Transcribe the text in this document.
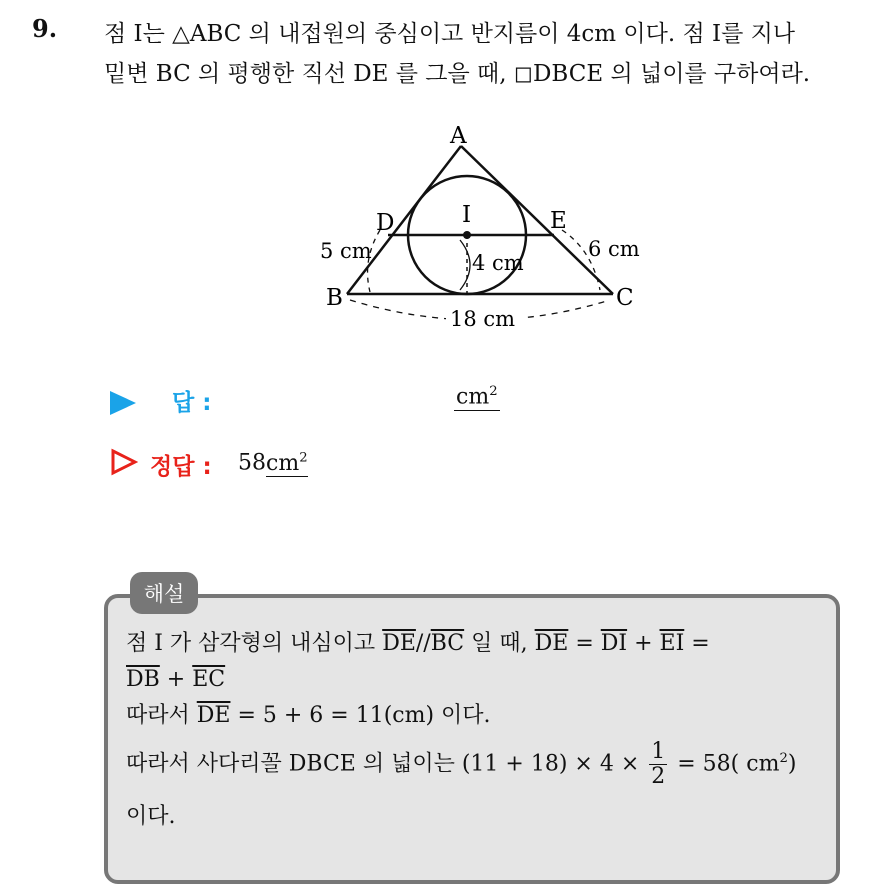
9. 점 I는 △ABC 의 내접원의 중심이고 반지름이 4cm 이다. 점 I를 지나
밑변 BC 의 평행한 직선 DE 를 그을 때, ◻DBCE 의 넓이를 구하여라.
A
D	I	E
B	C
5 cm	6 cm
4 cm
18 cm
답 :	$cm^2$
정답 : $58cm^2$
해설
점 I 가 삼각형의 내심이고 $\overline{DE}//\overline{BC}$ 일 때, $\overline{DE} = \overline{DI} + \overline{EI}$ =
$\overline{DB} + \overline{EC}$
따라서 $\overline{DE} = 5 + 6 = 11(cm)$ 이다.
따라서 사다리꼴 DBCE 의 넓이는 $(11 + 18) \times 4 \times \frac{1}{2} = 58$( $cm^2$)
이다.
